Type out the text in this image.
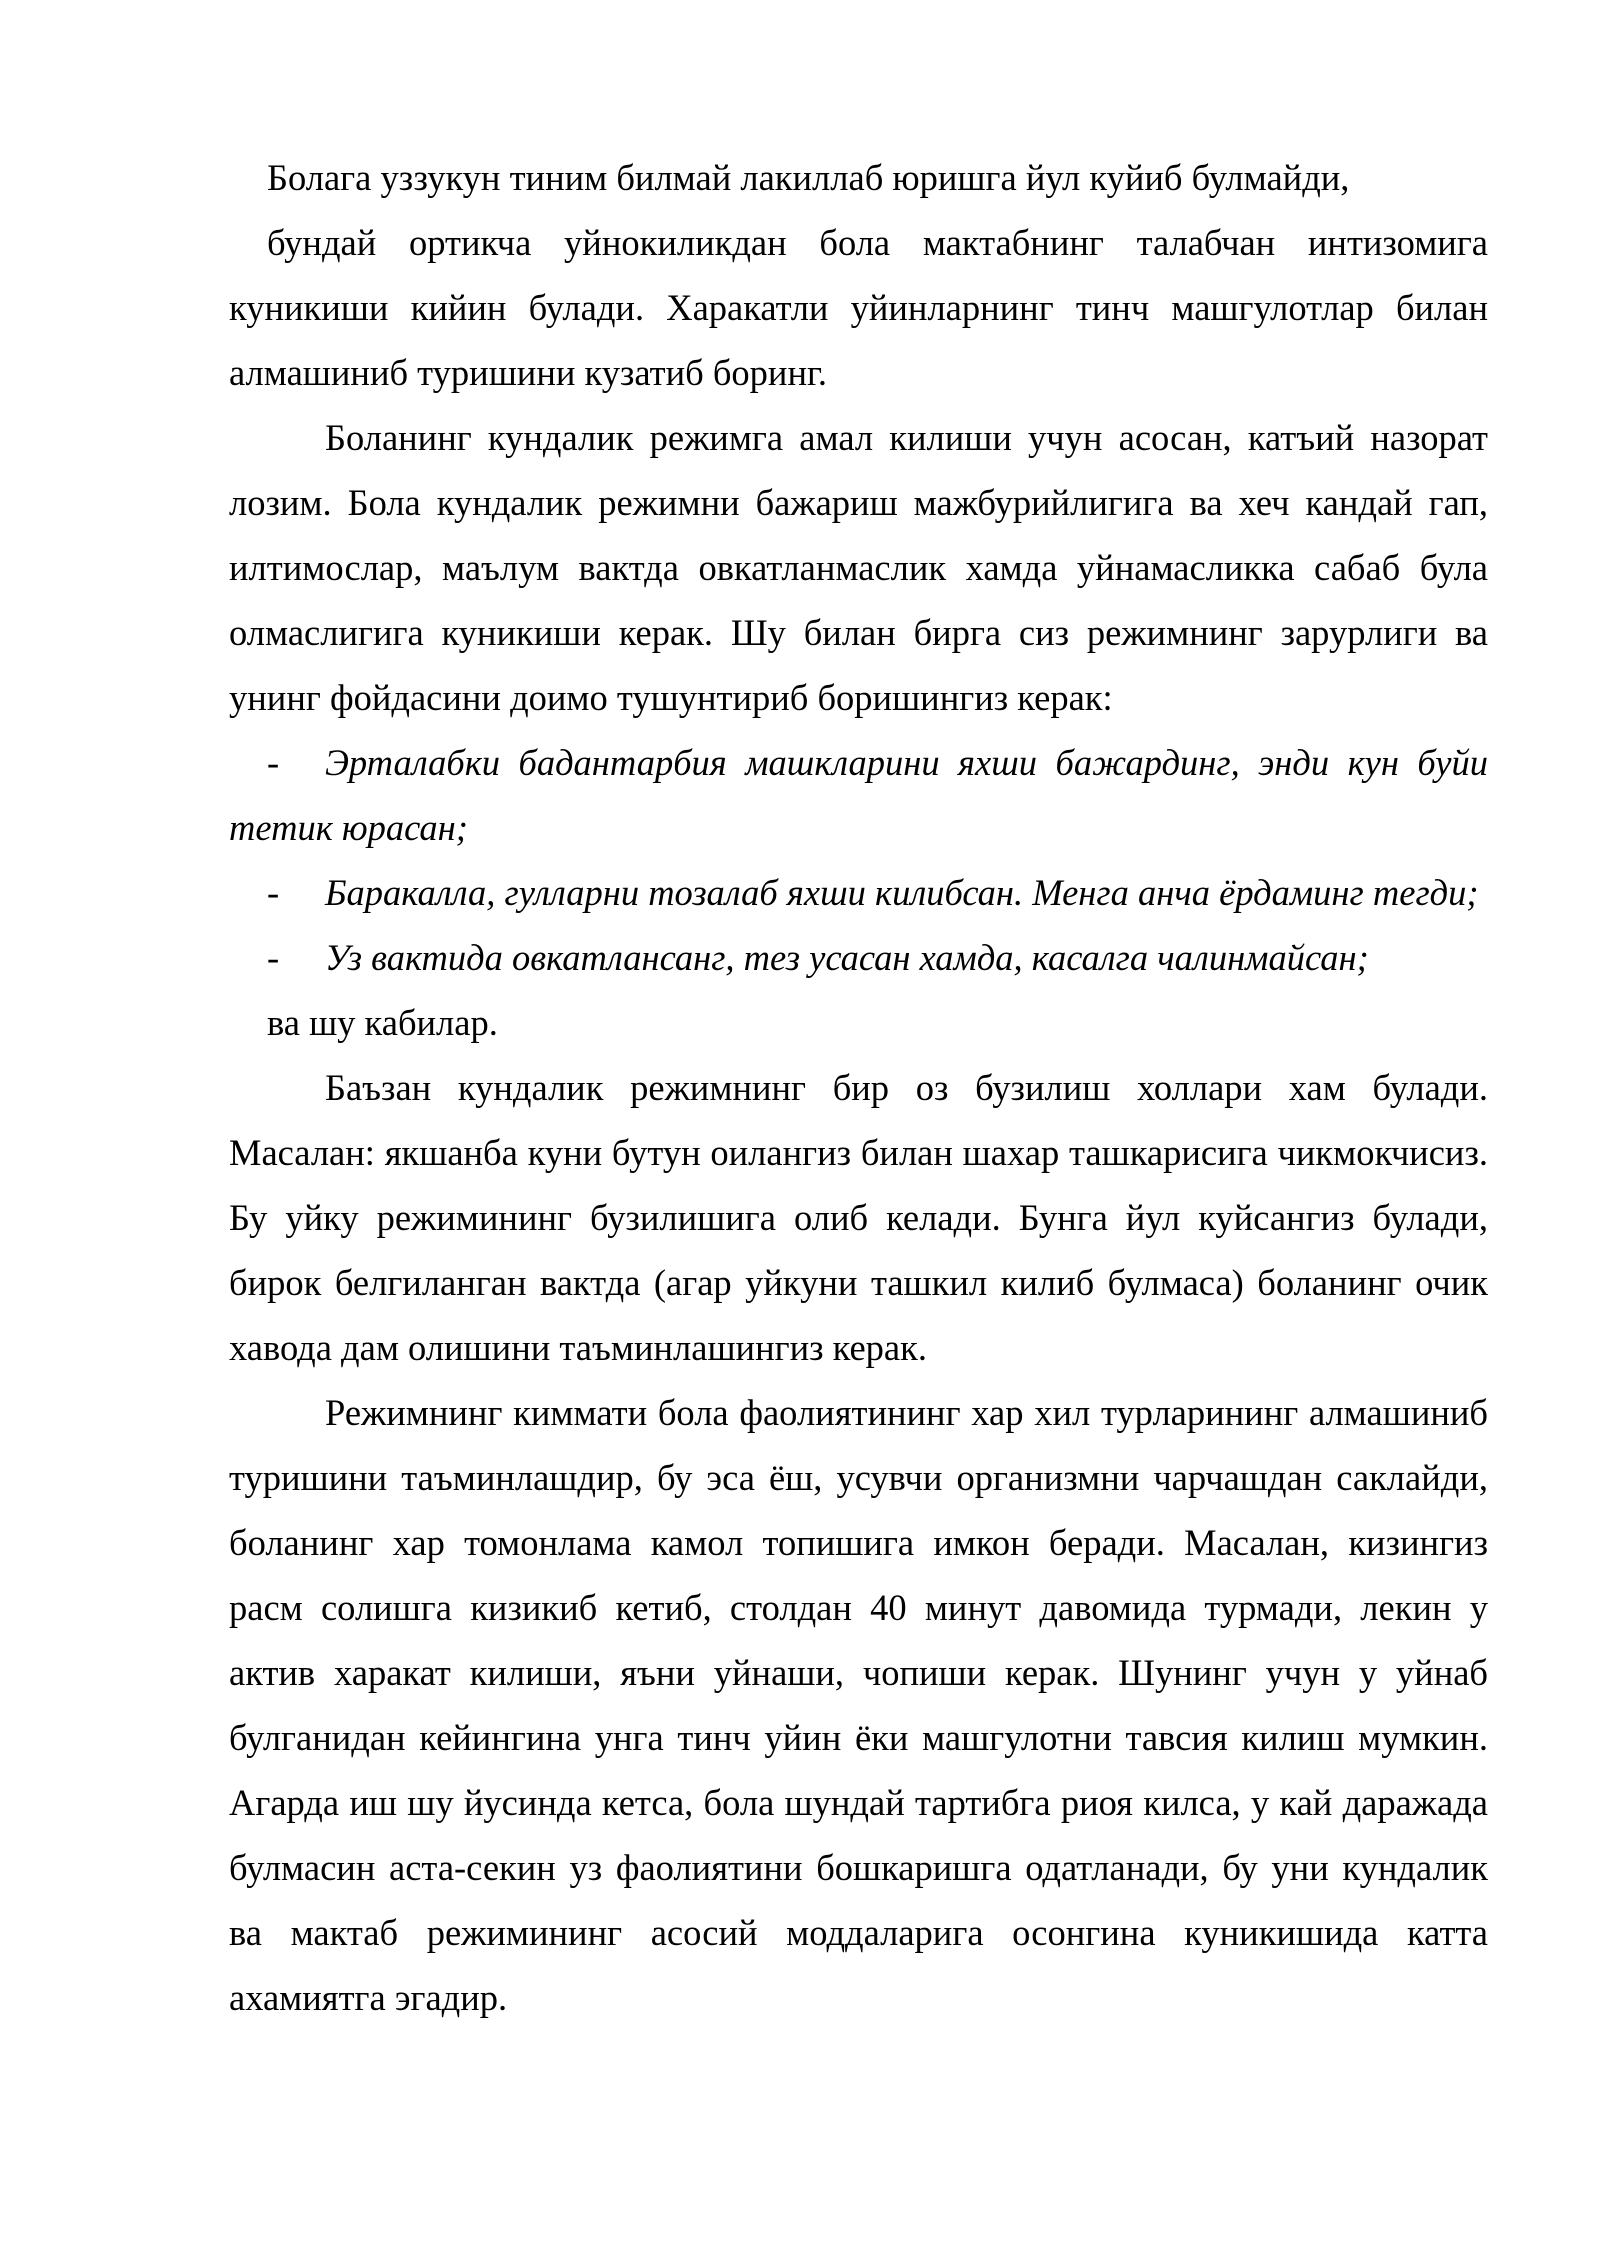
Болага уззукун тиним билмай лакиллаб юришга йул куйиб булмайди,

бундай ортикча уйнокиликдан бола мактабнинг талабчан интизомига куникиши кийин булади. Харакатли уйинларнинг тинч машгулотлар билан алмашиниб туришини кузатиб боринг.

Боланинг кундалик режимга амал килиши учун асосан, катъий назорат лозим. Бола кундалик режимни бажариш мажбурийлигига ва хеч кандай гап, илтимослар, маълум вактда овкатланмаслик хамда уйнамасликка сабаб була олмаслигига куникиши керак. Шу билан бирга сиз режимнинг зарурлиги ва унинг фойдасини доимо тушунтириб боришингиз керак:

- Эрталабки бадантарбия машкларини яхши бажардинг, энди кун буйи тетик юрасан;

- Баракалла, гулларни тозалаб яхши килибсан. Менга анча ёрдаминг тегди;

- Уз вактида овкатлансанг, тез усасан хамда, касалга чалинмайсан;

ва шу кабилар.

Баъзан кундалик режимнинг бир оз бузилиш холлари хам булади. Масалан: якшанба куни бутун оилангиз билан шахар ташкарисига чикмокчисиз. Бу уйку режимининг бузилишига олиб келади. Бунга йул куйсангиз булади, бирок белгиланган вактда (агар уйкуни ташкил килиб булмаса) боланинг очик хавода дам олишини таъминлашингиз керак.

Режимнинг киммати бола фаолиятининг хар хил турларининг алмашиниб туришини таъминлашдир, бу эса ёш, усувчи организмни чарчашдан саклайди, боланинг хар томонлама камол топишига имкон беради. Масалан, кизингиз расм солишга кизикиб кетиб, столдан 40 минут давомида турмади, лекин у актив харакат килиши, яъни уйнаши, чопиши керак. Шунинг учун у уйнаб булганидан кейингина унга тинч уйин ёки машгулотни тавсия килиш мумкин. Агарда иш шу йусинда кетса, бола шундай тартибга риоя килса, у кай даражада булмасин аста-секин уз фаолиятини бошкаришга одатланади, бу уни кундалик ва мактаб режимининг асосий моддаларига осонгина куникишида катта ахамиятга эгадир.
